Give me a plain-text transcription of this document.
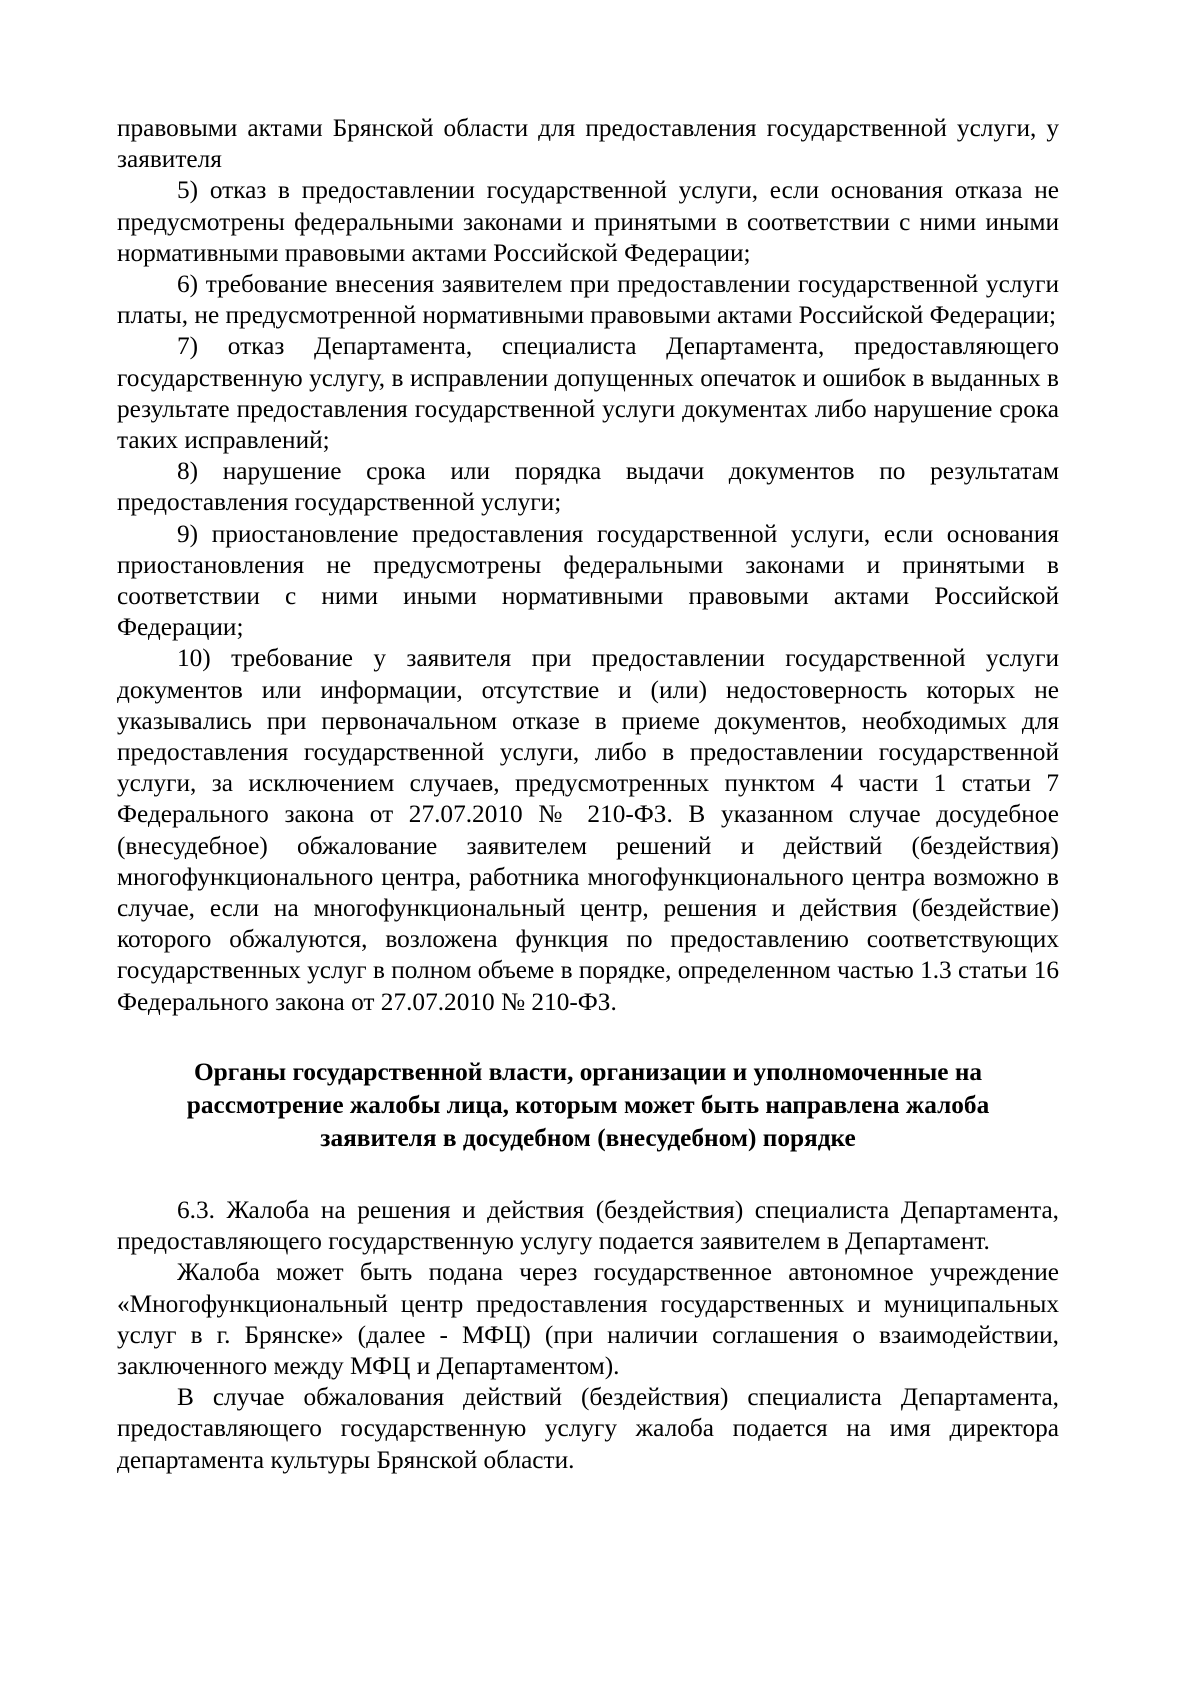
правовыми актами Брянской области для предоставления государственной услуги, у заявителя

5) отказ в предоставлении государственной услуги, если основания отказа не предусмотрены федеральными законами и принятыми в соответствии с ними иными нормативными правовыми актами Российской Федерации;

6) требование внесения заявителем при предоставлении государственной услуги платы, не предусмотренной нормативными правовыми актами Российской Федерации;

7) отказ Департамента, специалиста Департамента, предоставляющего государственную услугу, в исправлении допущенных опечаток и ошибок в выданных в результате предоставления государственной услуги документах либо нарушение срока таких исправлений;

8) нарушение срока или порядка выдачи документов по результатам предоставления государственной услуги;

9) приостановление предоставления государственной услуги, если основания приостановления не предусмотрены федеральными законами и принятыми в соответствии с ними иными нормативными правовыми актами Российской Федерации;

10) требование у заявителя при предоставлении государственной услуги документов или информации, отсутствие и (или) недостоверность которых не указывались при первоначальном отказе в приеме документов, необходимых для предоставления государственной услуги, либо в предоставлении государственной услуги, за исключением случаев, предусмотренных пунктом 4 части 1 статьи 7 Федерального закона от 27.07.2010 № 210-ФЗ. В указанном случае досудебное (внесудебное) обжалование заявителем решений и действий (бездействия) многофункционального центра, работника многофункционального центра возможно в случае, если на многофункциональный центр, решения и действия (бездействие) которого обжалуются, возложена функция по предоставлению соответствующих государственных услуг в полном объеме в порядке, определенном частью 1.3 статьи 16 Федерального закона от 27.07.2010 № 210-ФЗ.

Органы государственной власти, организации и уполномоченные на
рассмотрение жалобы лица, которым может быть направлена жалоба
заявителя в досудебном (внесудебном) порядке

6.3. Жалоба на решения и действия (бездействия) специалиста Департамента, предоставляющего государственную услугу подается заявителем в Департамент.

Жалоба может быть подана через государственное автономное учреждение «Многофункциональный центр предоставления государственных и муниципальных услуг в г. Брянске» (далее - МФЦ) (при наличии соглашения о взаимодействии, заключенного между МФЦ и Департаментом).

В случае обжалования действий (бездействия) специалиста Департамента, предоставляющего государственную услугу жалоба подается на имя директора департамента культуры Брянской области.
